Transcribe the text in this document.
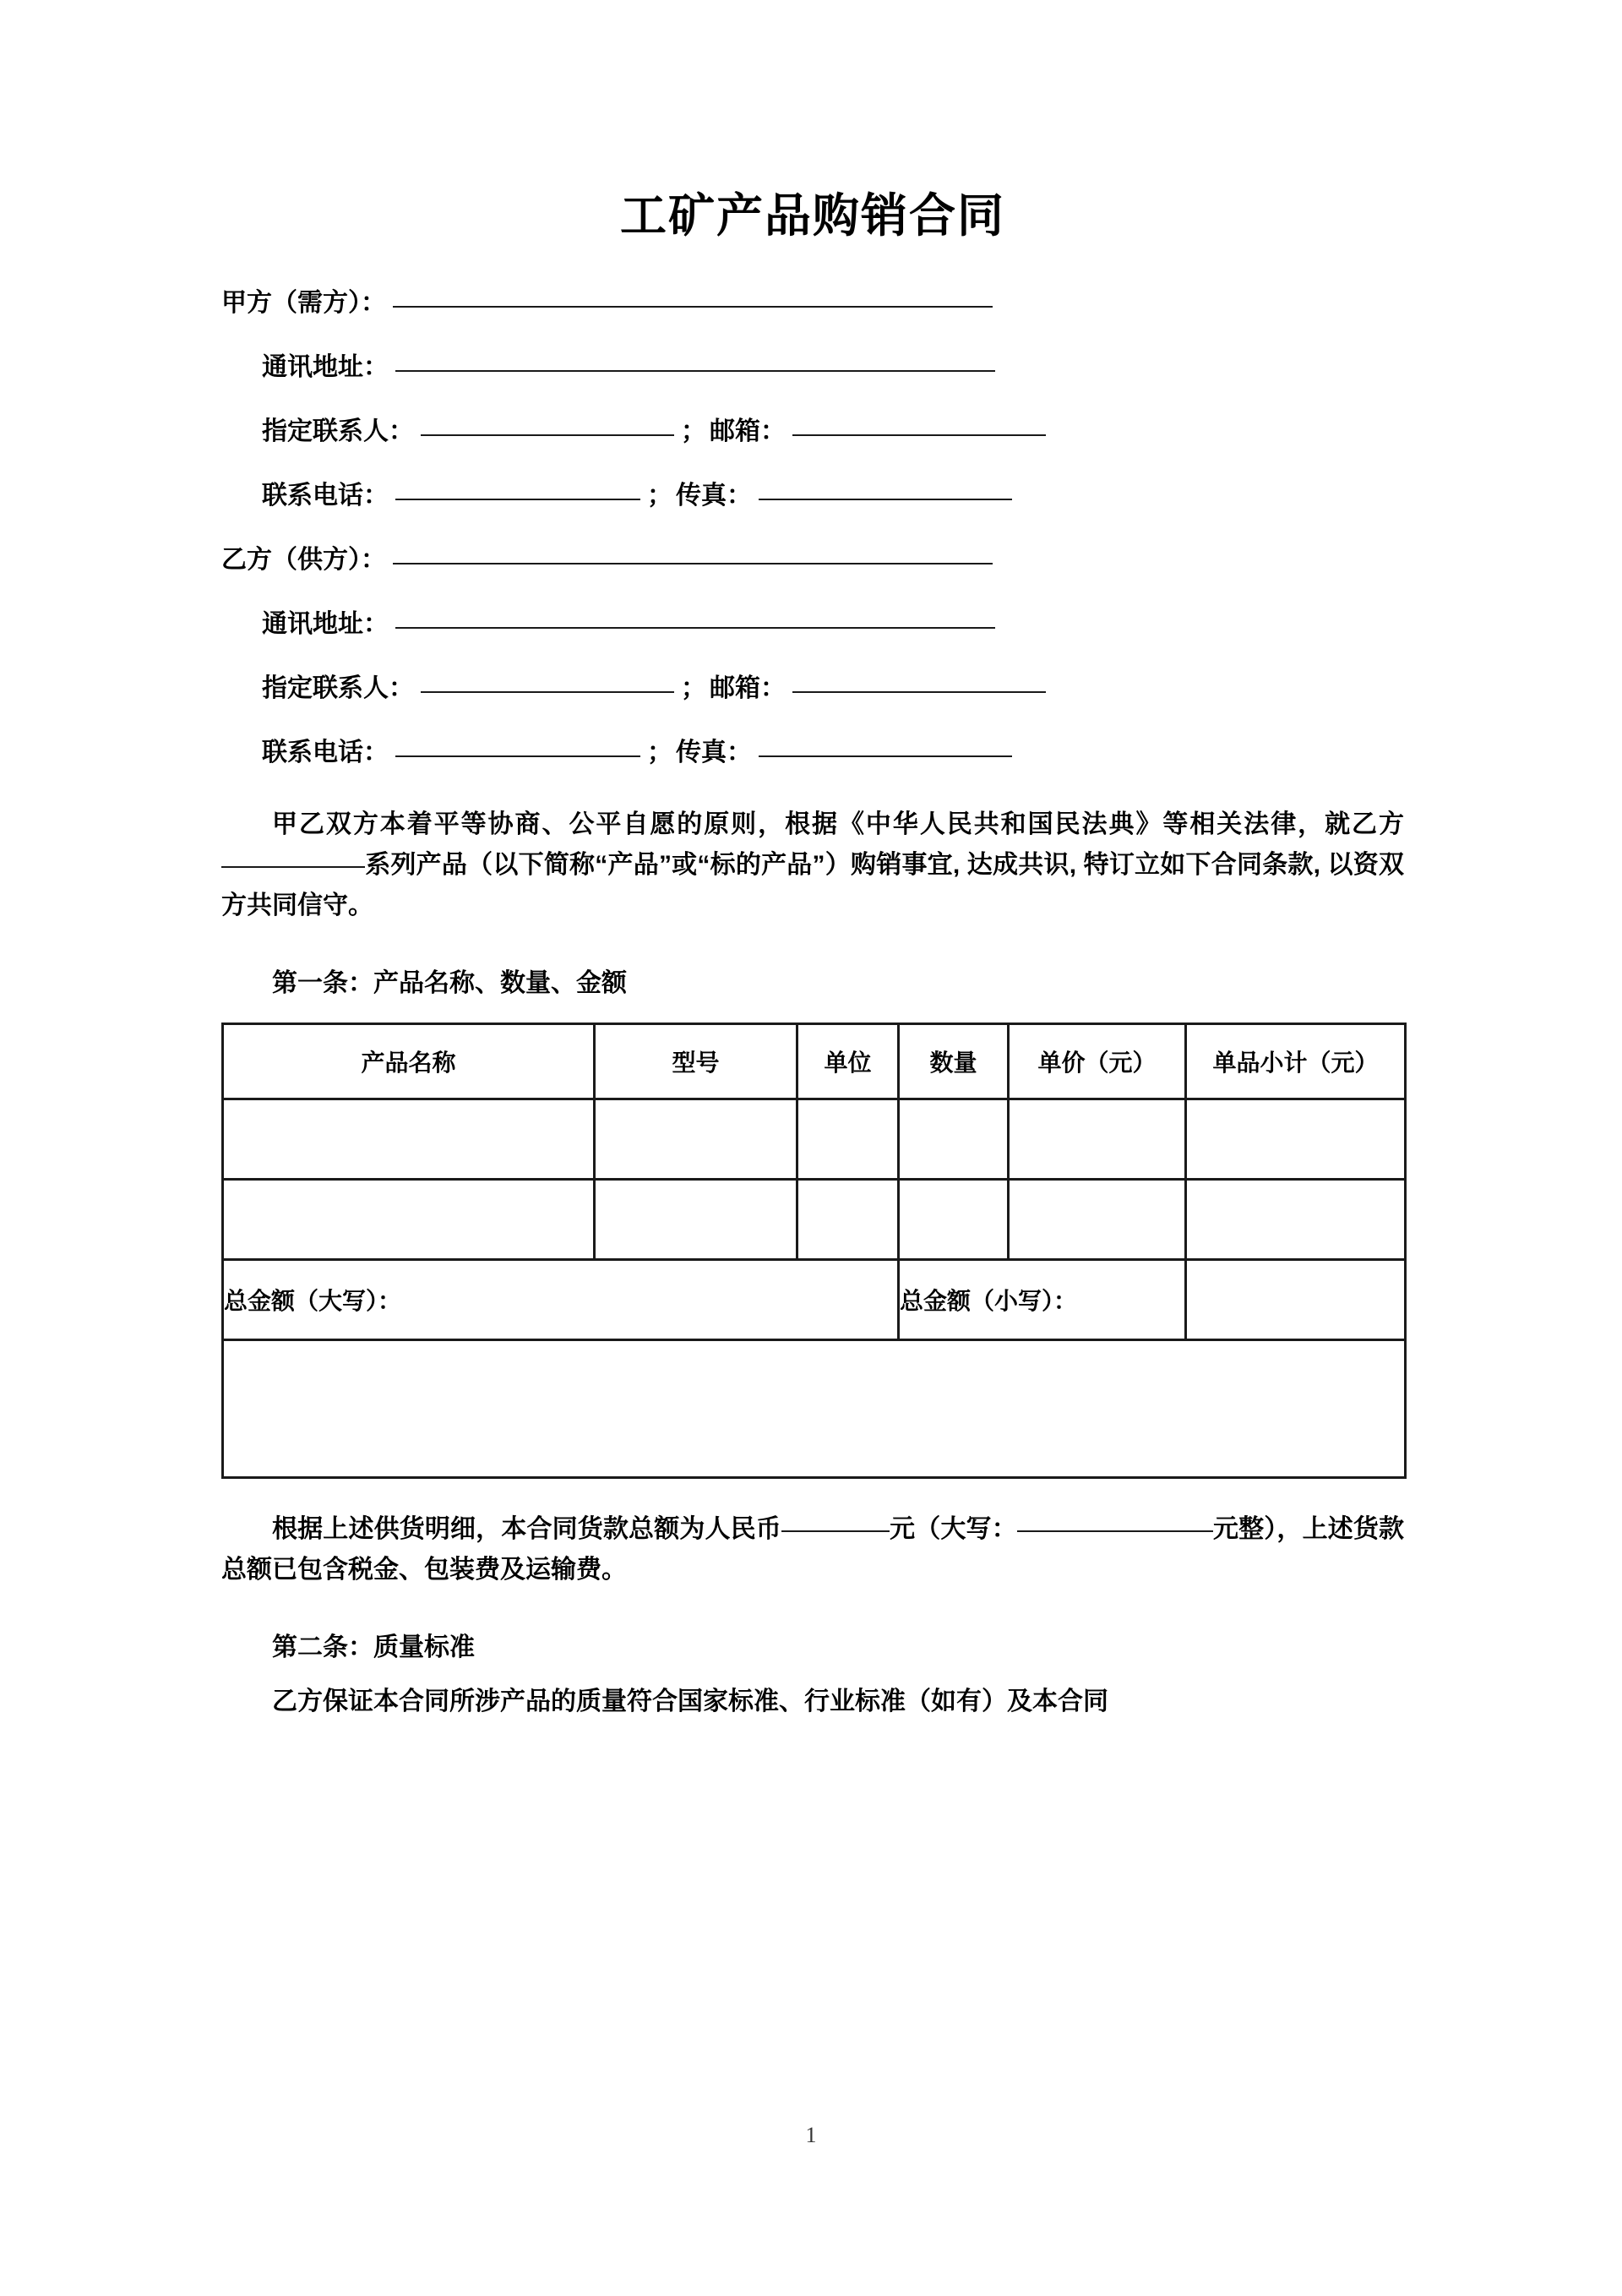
工矿产品购销合同
甲方（需方）：
通讯地址：
指定联系人：	； 邮箱：
联系电话：	； 传真：
乙方（供方）：
通讯地址：
指定联系人：	； 邮箱：
联系电话：	； 传真：

甲乙双方本着平等协商、公平自愿的原则，根据《中华人民共和国民法典》等相关法律，就乙方系列产品（以下简称“产品”或“标的产品”）购销事宜, 达成共识, 特订立如下合同条款, 以资双方共同信守。

第一条：产品名称、数量、金额
产品名称	型号	单位	数量	单价（元）	单品小计（元）

总金额（大写）：			总金额（小写）：		

根据上述供货明细，本合同货款总额为人民币	元（大写：	元整），上述货款总额已包含税金、包装费及运输费。

第二条：质量标准

乙方保证本合同所涉产品的质量符合国家标准、行业标准（如有）及本合同

1
